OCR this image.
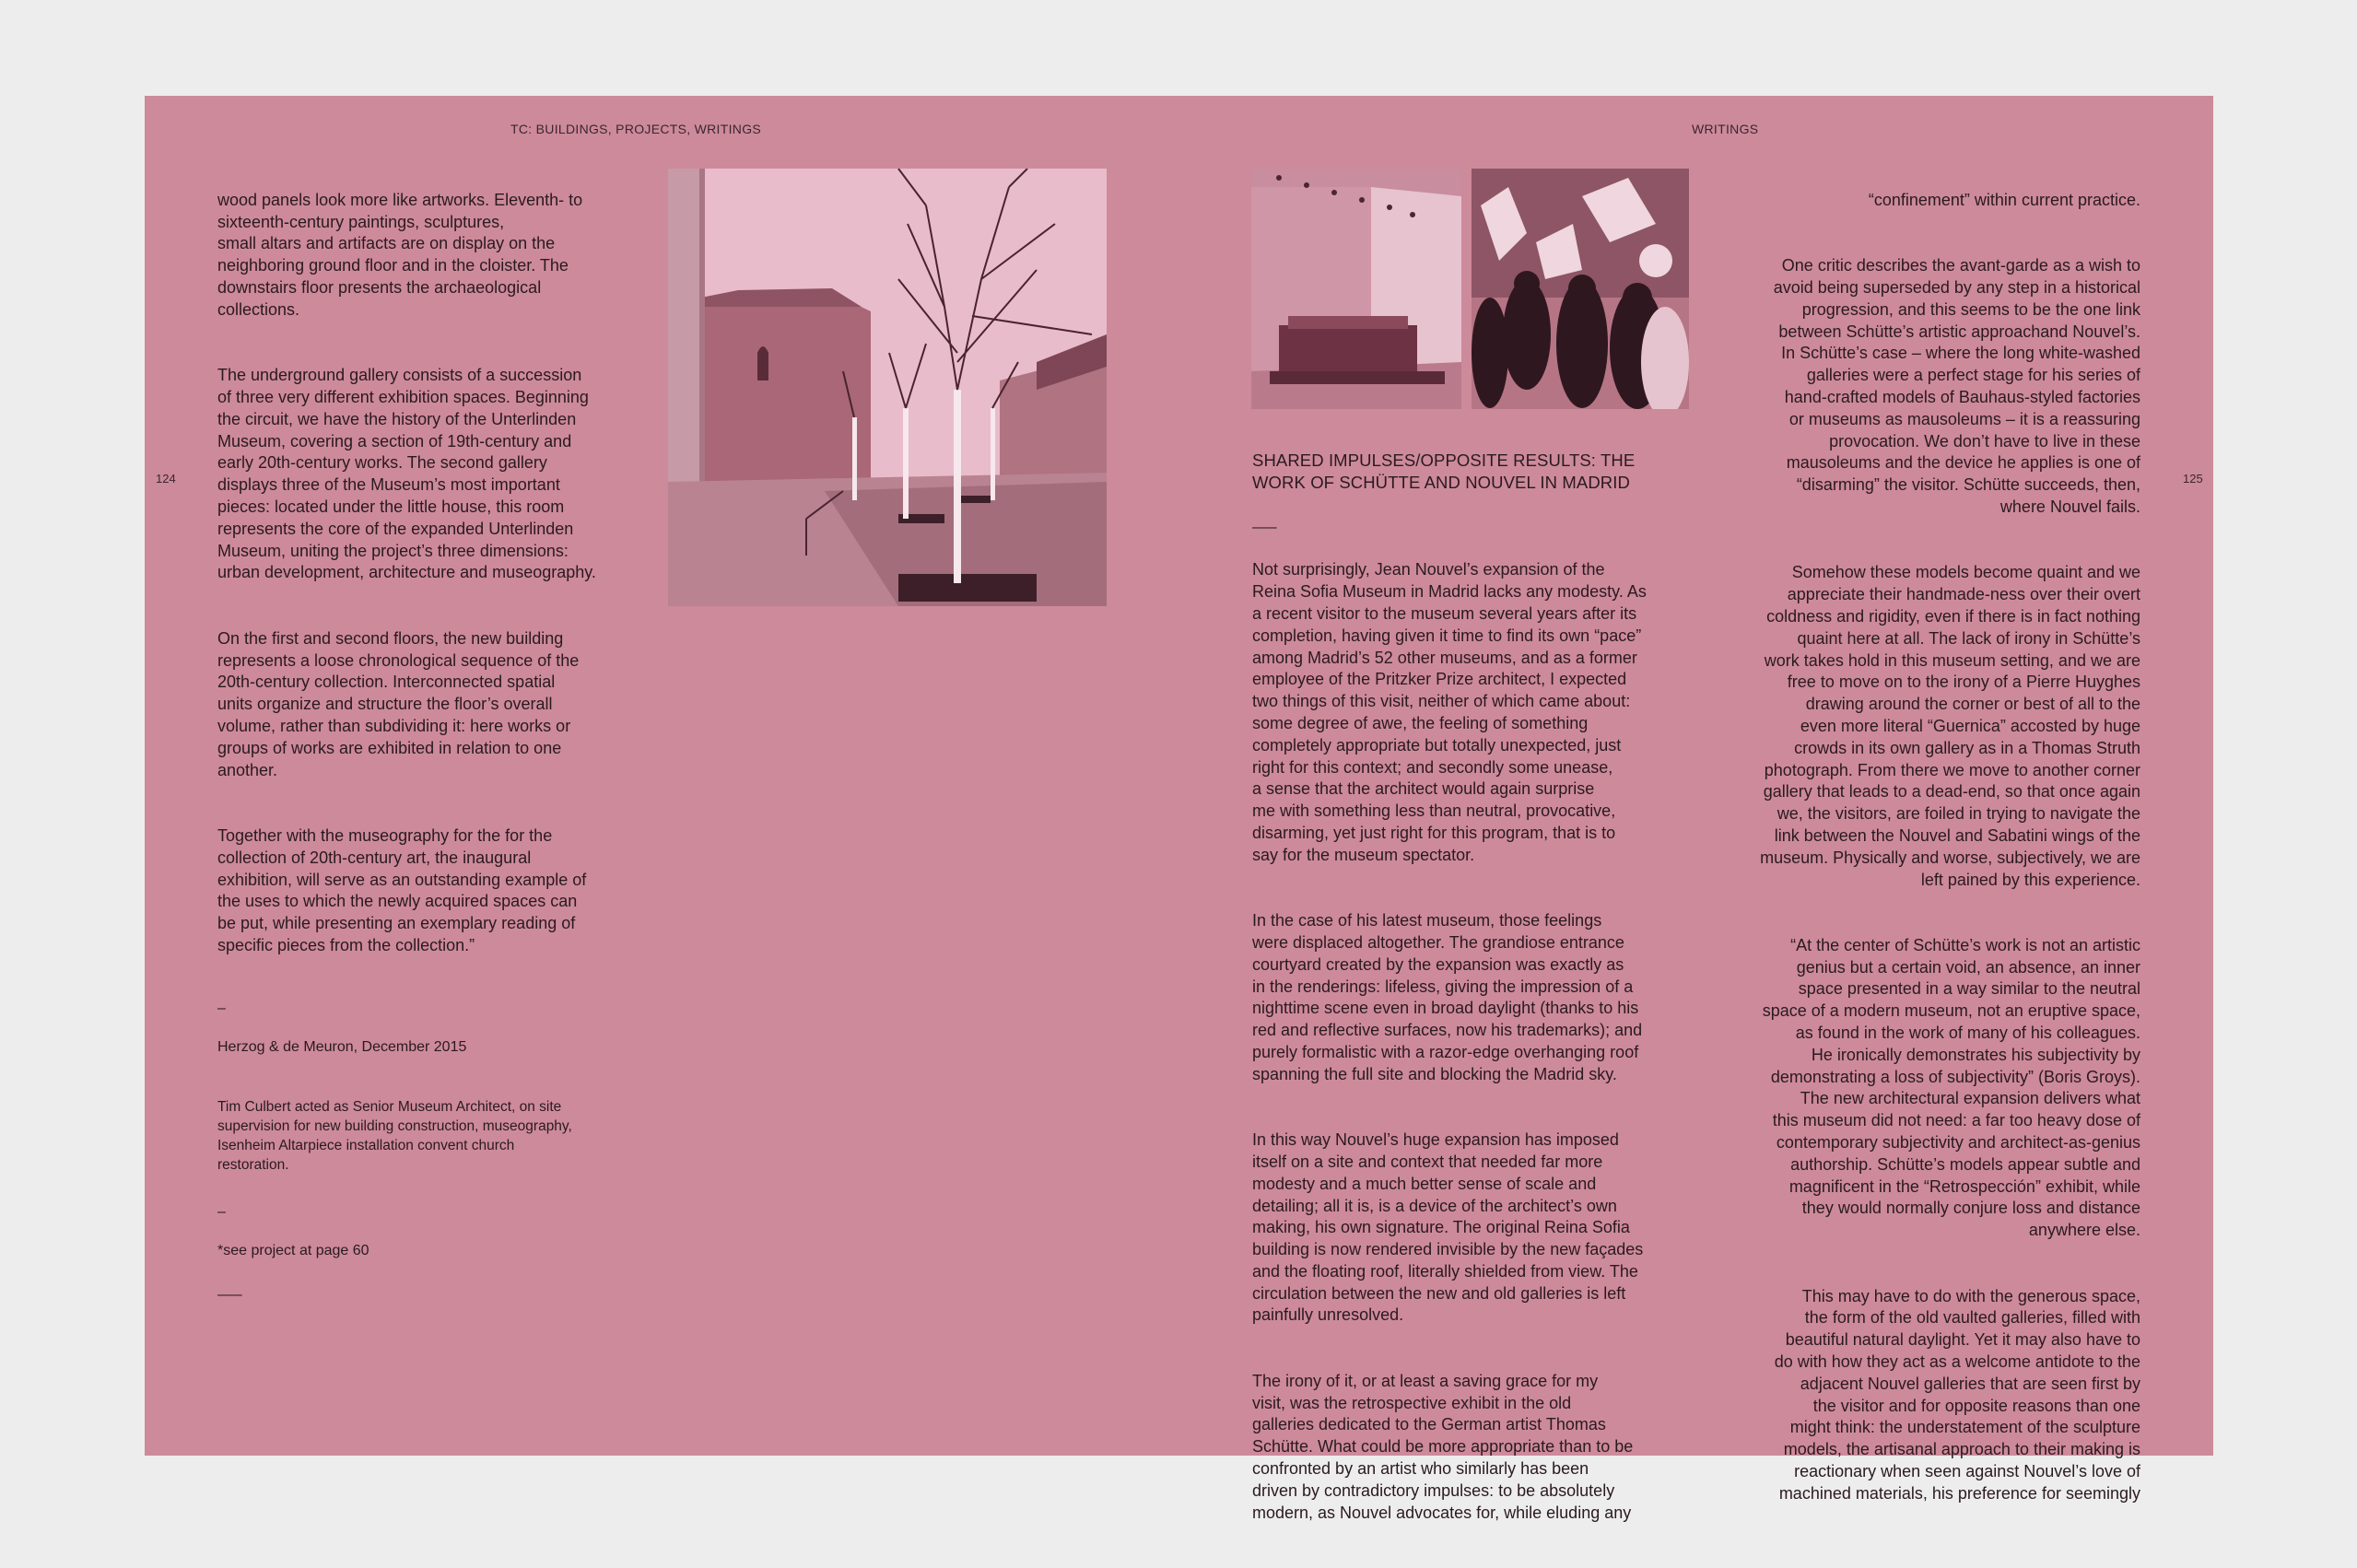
TC: BUILDINGS, PROJECTS, WRITINGS	WRITINGS
124	125

wood panels look more like artworks. Eleventh- to
sixteenth-century paintings, sculptures,
small altars and artifacts are on display on the
neighboring ground floor and in the cloister. The
downstairs floor presents the archaeological
collections.

The underground gallery consists of a succession
of three very different exhibition spaces. Beginning
the circuit, we have the history of the Unterlinden
Museum, covering a section of 19th-century and
early 20th-century works. The second gallery
displays three of the Museum’s most important
pieces: located under the little house, this room
represents the core of the expanded Unterlinden
Museum, uniting the project’s three dimensions:
urban development, architecture and museography.

On the first and second floors, the new building
represents a loose chronological sequence of the
20th-century collection. Interconnected spatial
units organize and structure the floor’s overall
volume, rather than subdividing it: here works or
groups of works are exhibited in relation to one
another.

Together with the museography for the for the
collection of 20th-century art, the inaugural
exhibition, will serve as an outstanding example of
the uses to which the newly acquired spaces can
be put, while presenting an exemplary reading of
specific pieces from the collection.”

–

Herzog & de Meuron, December 2015

Tim Culbert acted as Senior Museum Architect, on site
supervision for new building construction, museography,
Isenheim Altarpiece installation convent church
restoration.

–

*see project at page 60

–––

SHARED IMPULSES/OPPOSITE RESULTS: THE
WORK OF SCHÜTTE AND NOUVEL IN MADRID

–––

Not surprisingly, Jean Nouvel’s expansion of the
Reina Sofia Museum in Madrid lacks any modesty. As
a recent visitor to the museum several years after its
completion, having given it time to find its own “pace”
among Madrid’s 52 other museums, and as a former
employee of the Pritzker Prize architect, I expected
two things of this visit, neither of which came about:
some degree of awe, the feeling of something
completely appropriate but totally unexpected, just
right for this context; and secondly some unease,
a sense that the architect would again surprise
me with something less than neutral, provocative,
disarming, yet just right for this program, that is to
say for the museum spectator.

In the case of his latest museum, those feelings
were displaced altogether. The grandiose entrance
courtyard created by the expansion was exactly as
in the renderings: lifeless, giving the impression of a
nighttime scene even in broad daylight (thanks to his
red and reflective surfaces, now his trademarks); and
purely formalistic with a razor-edge overhanging roof
spanning the full site and blocking the Madrid sky.

In this way Nouvel’s huge expansion has imposed
itself on a site and context that needed far more
modesty and a much better sense of scale and
detailing; all it is, is a device of the architect’s own
making, his own signature. The original Reina Sofia
building is now rendered invisible by the new façades
and the floating roof, literally shielded from view. The
circulation between the new and old galleries is left
painfully unresolved.

The irony of it, or at least a saving grace for my
visit, was the retrospective exhibit in the old
galleries dedicated to the German artist Thomas
Schütte. What could be more appropriate than to be
confronted by an artist who similarly has been
driven by contradictory impulses: to be absolutely
modern, as Nouvel advocates for, while eluding any

“confinement” within current practice.

One critic describes the avant-garde as a wish to
avoid being superseded by any step in a historical
progression, and this seems to be the one link
between Schütte’s artistic approachand Nouvel’s.
In Schütte’s case – where the long white-washed
galleries were a perfect stage for his series of
hand-crafted models of Bauhaus-styled factories
or museums as mausoleums – it is a reassuring
provocation. We don’t have to live in these
mausoleums and the device he applies is one of
“disarming” the visitor. Schütte succeeds, then,
where Nouvel fails.

Somehow these models become quaint and we
appreciate their handmade-ness over their overt
coldness and rigidity, even if there is in fact nothing
quaint here at all. The lack of irony in Schütte’s
work takes hold in this museum setting, and we are
free to move on to the irony of a Pierre Huyghes
drawing around the corner or best of all to the
even more literal “Guernica” accosted by huge
crowds in its own gallery as in a Thomas Struth
photograph. From there we move to another corner
gallery that leads to a dead-end, so that once again
we, the visitors, are foiled in trying to navigate the
link between the Nouvel and Sabatini wings of the
museum. Physically and worse, subjectively, we are
left pained by this experience.

“At the center of Schütte’s work is not an artistic
genius but a certain void, an absence, an inner
space presented in a way similar to the neutral
space of a modern museum, not an eruptive space,
as found in the work of many of his colleagues.
He ironically demonstrates his subjectivity by
demonstrating a loss of subjectivity” (Boris Groys).
The new architectural expansion delivers what
this museum did not need: a far too heavy dose of
contemporary subjectivity and architect-as-genius
authorship. Schütte’s models appear subtle and
magnificent in the “Retrospección” exhibit, while
they would normally conjure loss and distance
anywhere else.

This may have to do with the generous space,
the form of the old vaulted galleries, filled with
beautiful natural daylight. Yet it may also have to
do with how they act as a welcome antidote to the
adjacent Nouvel galleries that are seen first by
the visitor and for opposite reasons than one
might think: the understatement of the sculpture
models, the artisanal approach to their making is
reactionary when seen against Nouvel’s love of
machined materials, his preference for seemingly
